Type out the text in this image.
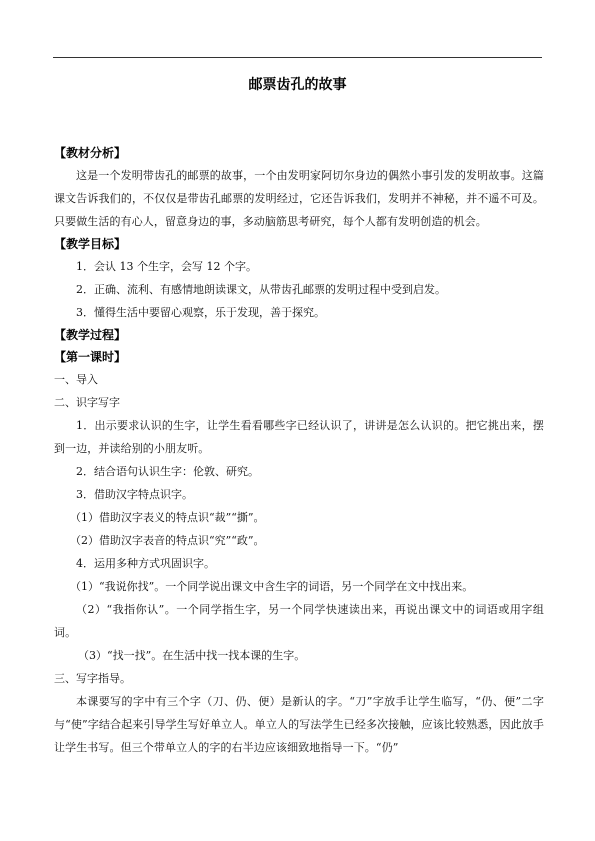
邮票齿孔的故事
【教材分析】

这是一个发明带齿孔的邮票的故事，一个由发明家阿切尔身边的偶然小事引发的发明故事。这篇课文告诉我们的，不仅仅是带齿孔邮票的发明经过，它还告诉我们，发明并不神秘，并不遥不可及。只要做生活的有心人，留意身边的事，多动脑筋思考研究，每个人都有发明创造的机会。

【教学目标】

1．会认 13 个生字，会写 12 个字。

2．正确、流利、有感情地朗读课文，从带齿孔邮票的发明过程中受到启发。

3．懂得生活中要留心观察，乐于发现，善于探究。

【教学过程】
【第一课时】

一、导入

二、识字写字

1．出示要求认识的生字，让学生看看哪些字已经认识了，讲讲是怎么认识的。把它挑出来，摆到一边，并读给别的小朋友听。

2．结合语句认识生字：伦敦、研究。

3．借助汉字特点识字。

（1）借助汉字表义的特点识“裁”“撕”。

（2）借助汉字表音的特点识“究”“政”。

4．运用多种方式巩固识字。

（1）“我说你找”。一个同学说出课文中含生字的词语，另一个同学在文中找出来。

（2）“我指你认”。一个同学指生字，另一个同学快速读出来，再说出课文中的词语或用字组词。

（3）“找一找”。在生活中找一找本课的生字。

三、写字指导。

本课要写的字中有三个字（刀、仍、便）是新认的字。“刀”字放手让学生临写，“仍、便”二字与“使”字结合起来引导学生写好单立人。单立人的写法学生已经多次接触，应该比较熟悉，因此放手让学生书写。但三个带单立人的字的右半边应该细致地指导一下。“仍”
